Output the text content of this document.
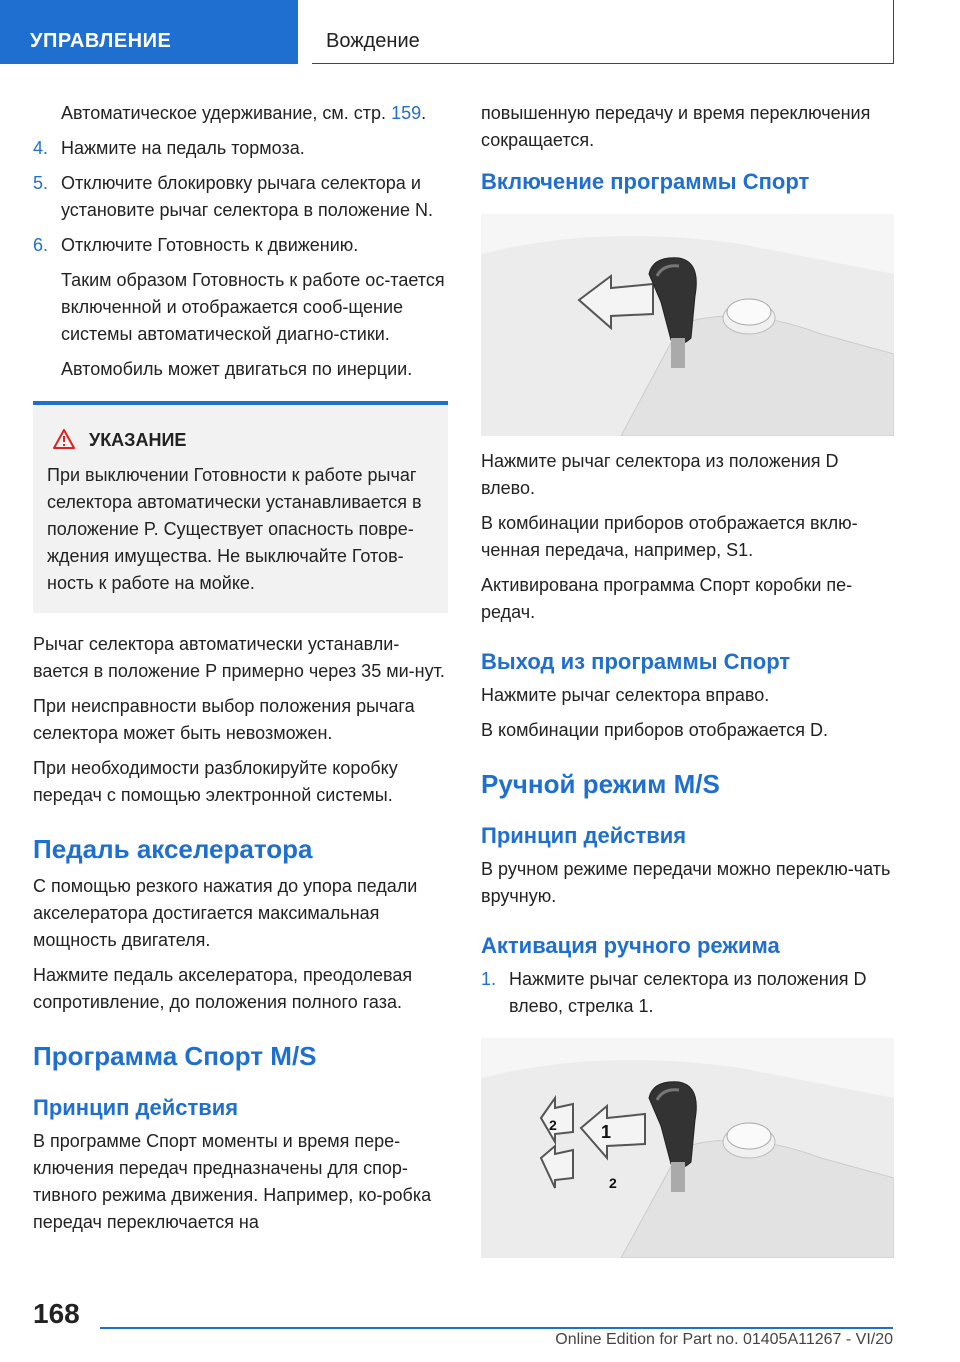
УПРАВЛЕНИЕ	Вождение

Автоматическое удерживание, см. стр. 159.

4. Нажмите на педаль тормоза.

5. Отключите блокировку рычага селектора и установите рычаг селектора в положение N.

6. Отключите Готовность к движению.

Таким образом Готовность к работе ос-тается включенной и отображается сооб-щение системы автоматической диагно-стики.

Автомобиль может двигаться по инерции.

УКАЗАНИЕ

При выключении Готовности к работе рычаг селектора автоматически устанавливается в положение P. Существует опасность повре-ждения имущества. Не выключайте Готов-ность к работе на мойке.

Рычаг селектора автоматически устанавли-вается в положение P примерно через 35 ми-нут.

При неисправности выбор положения рычага селектора может быть невозможен.

При необходимости разблокируйте коробку передач с помощью электронной системы.

Педаль акселератора

С помощью резкого нажатия до упора педали акселератора достигается максимальная мощность двигателя.

Нажмите педаль акселератора, преодолевая сопротивление, до положения полного газа.

Программа Спорт M/S
Принцип действия

В программе Спорт моменты и время пере-ключения передач предназначены для спор-тивного режима движения. Например, ко-робка передач переключается на

повышенную передачу и время переключения сокращается.

Включение программы Спорт

Нажмите рычаг селектора из положения D влево.

В комбинации приборов отображается вклю-ченная передача, например, S1.

Активирована программа Спорт коробки пе-редач.

Выход из программы Спорт

Нажмите рычаг селектора вправо.

В комбинации приборов отображается D.

Ручной режим M/S
Принцип действия

В ручном режиме передачи можно переклю-чать вручную.

Активация ручного режима

1. Нажмите рычаг селектора из положения D влево, стрелка 1.

1
2
2
168
Online Edition for Part no. 01405A11267 - VI/20
